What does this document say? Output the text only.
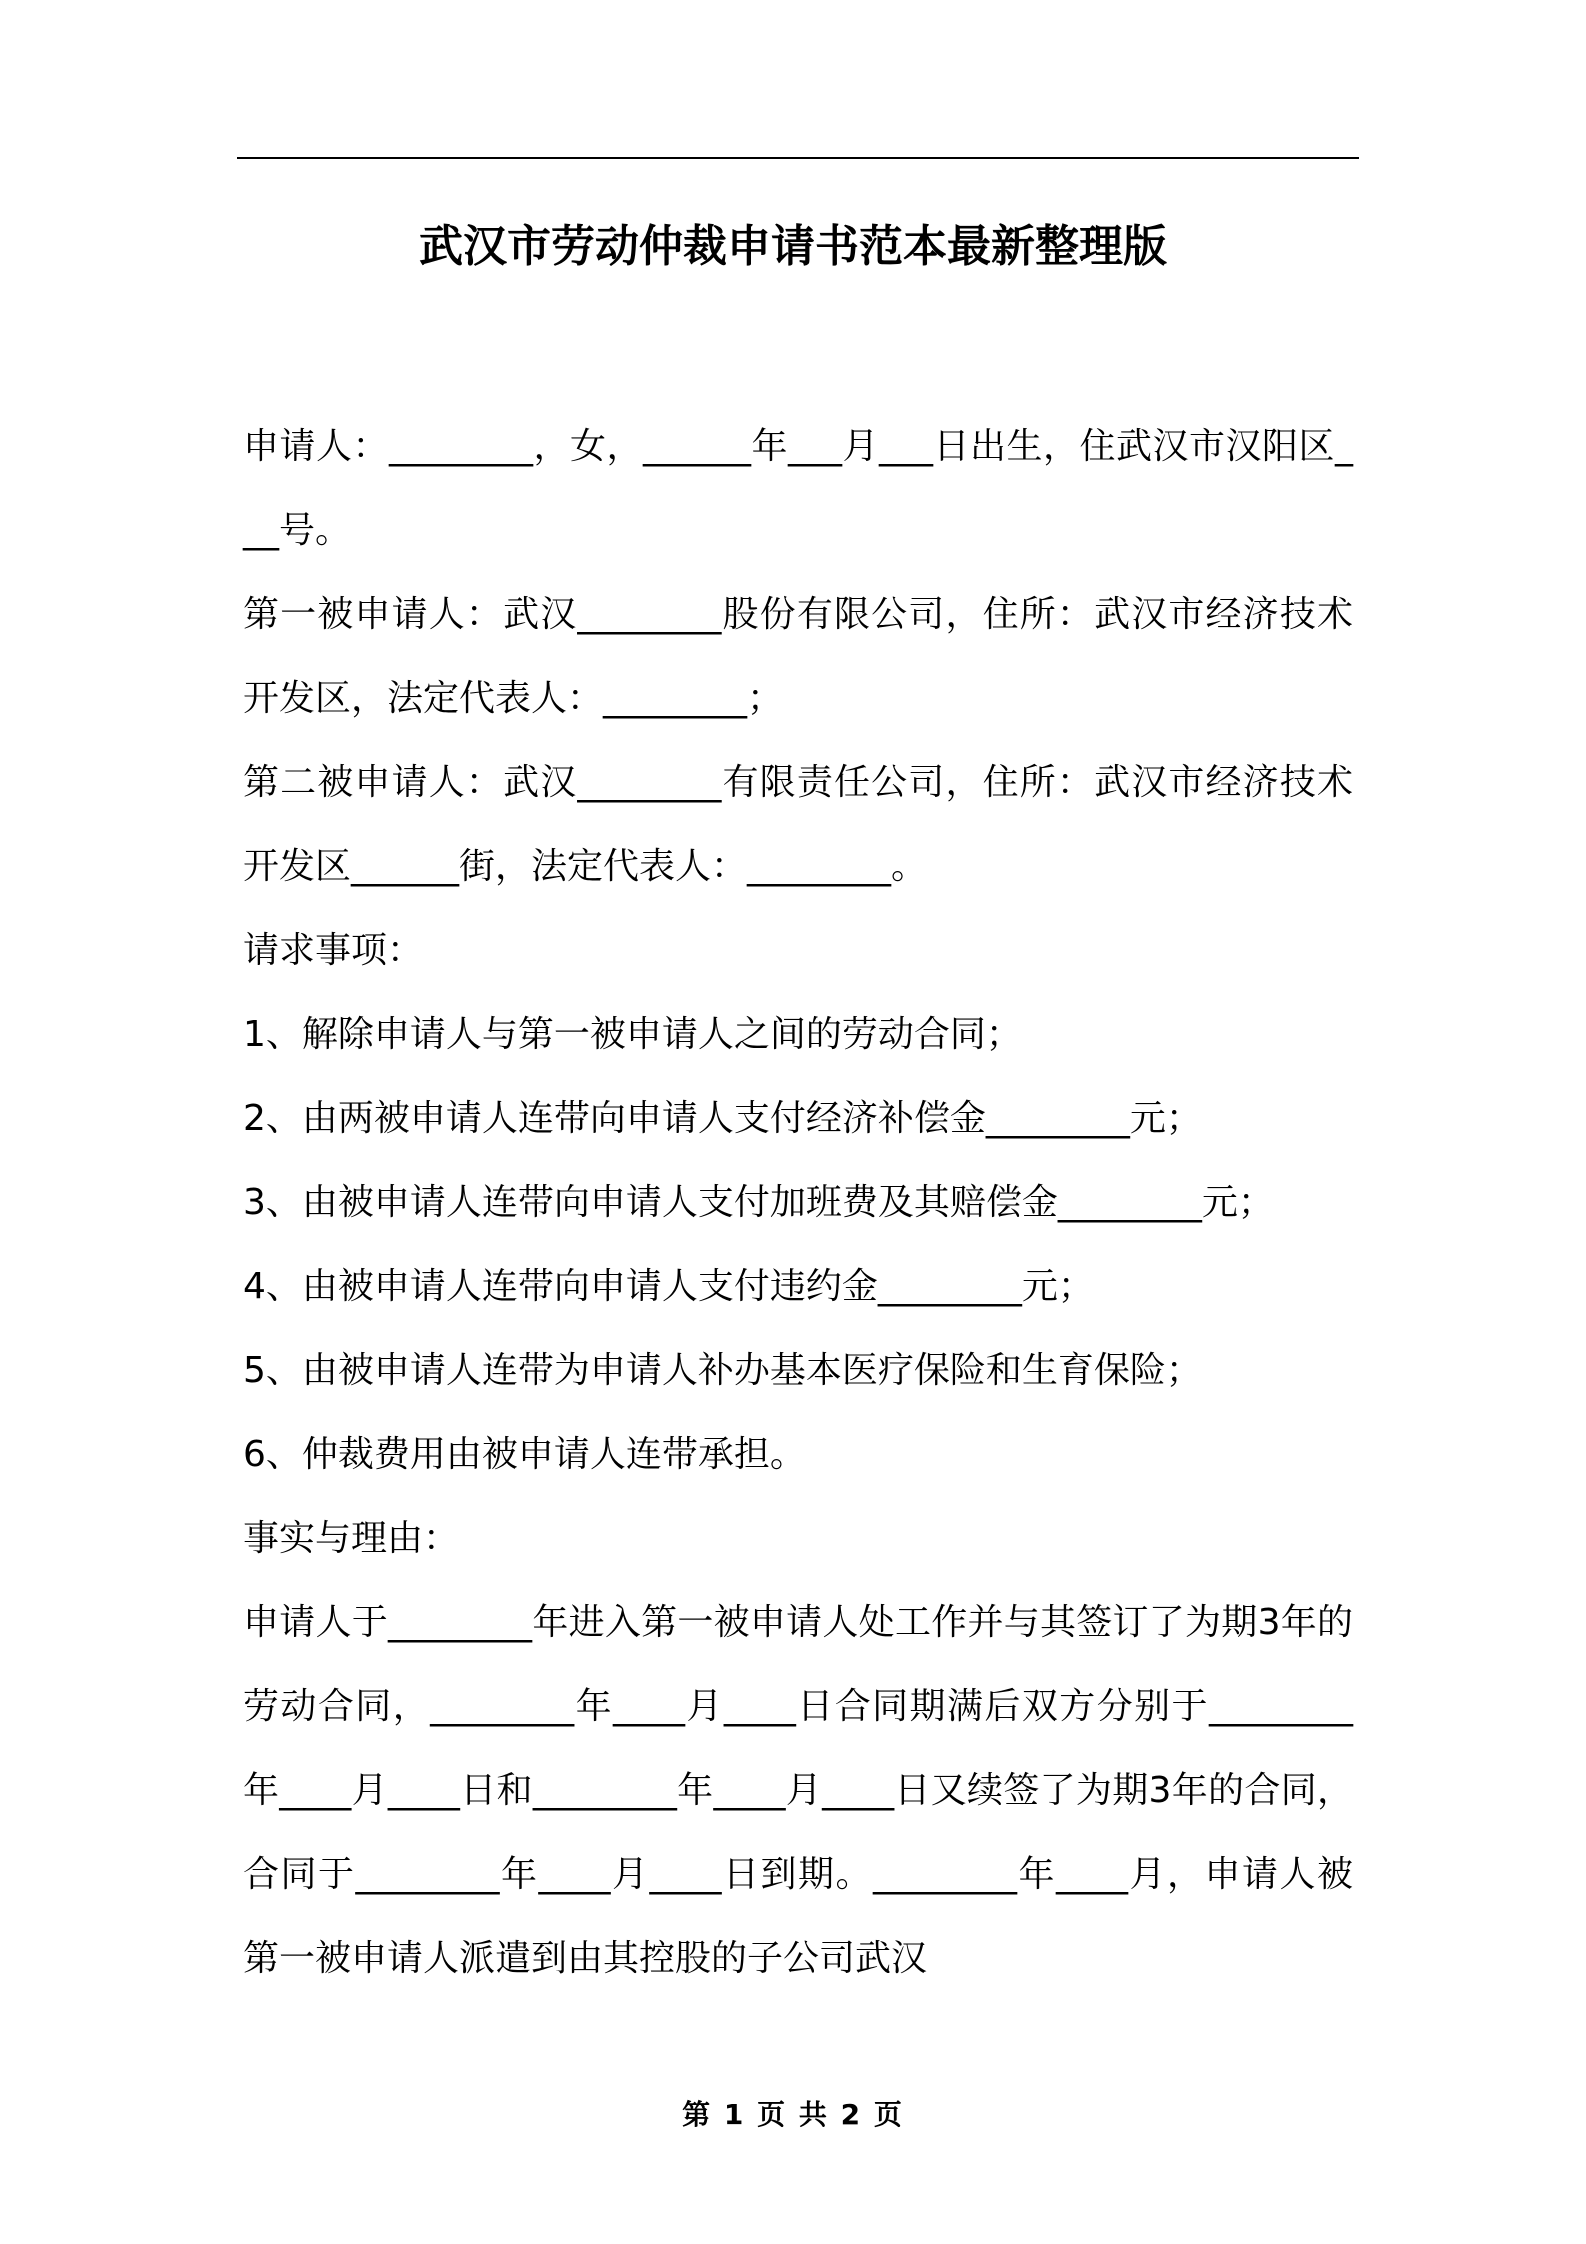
武汉市劳动仲裁申请书范本最新整理版

申请人：________，女，______年___月___日出生，住武汉市汉阳区___号。

第一被申请人：武汉________股份有限公司，住所：武汉市经济技术开发区，法定代表人：________；

第二被申请人：武汉________有限责任公司，住所：武汉市经济技术开发区______街，法定代表人：________。

请求事项：

1、解除申请人与第一被申请人之间的劳动合同；

2、由两被申请人连带向申请人支付经济补偿金________元；

3、由被申请人连带向申请人支付加班费及其赔偿金________元；

4、由被申请人连带向申请人支付违约金________元；

5、由被申请人连带为申请人补办基本医疗保险和生育保险；

6、仲裁费用由被申请人连带承担。

事实与理由：

申请人于________年进入第一被申请人处工作并与其签订了为期3年的劳动合同，________年____月____日合同期满后双方分别于________年____月____日和________年____月____日又续签了为期3年的合同，合同于________年____月____日到期。________年____月，申请人被第一被申请人派遣到由其控股的子公司武汉

第 1 页 共 2 页
